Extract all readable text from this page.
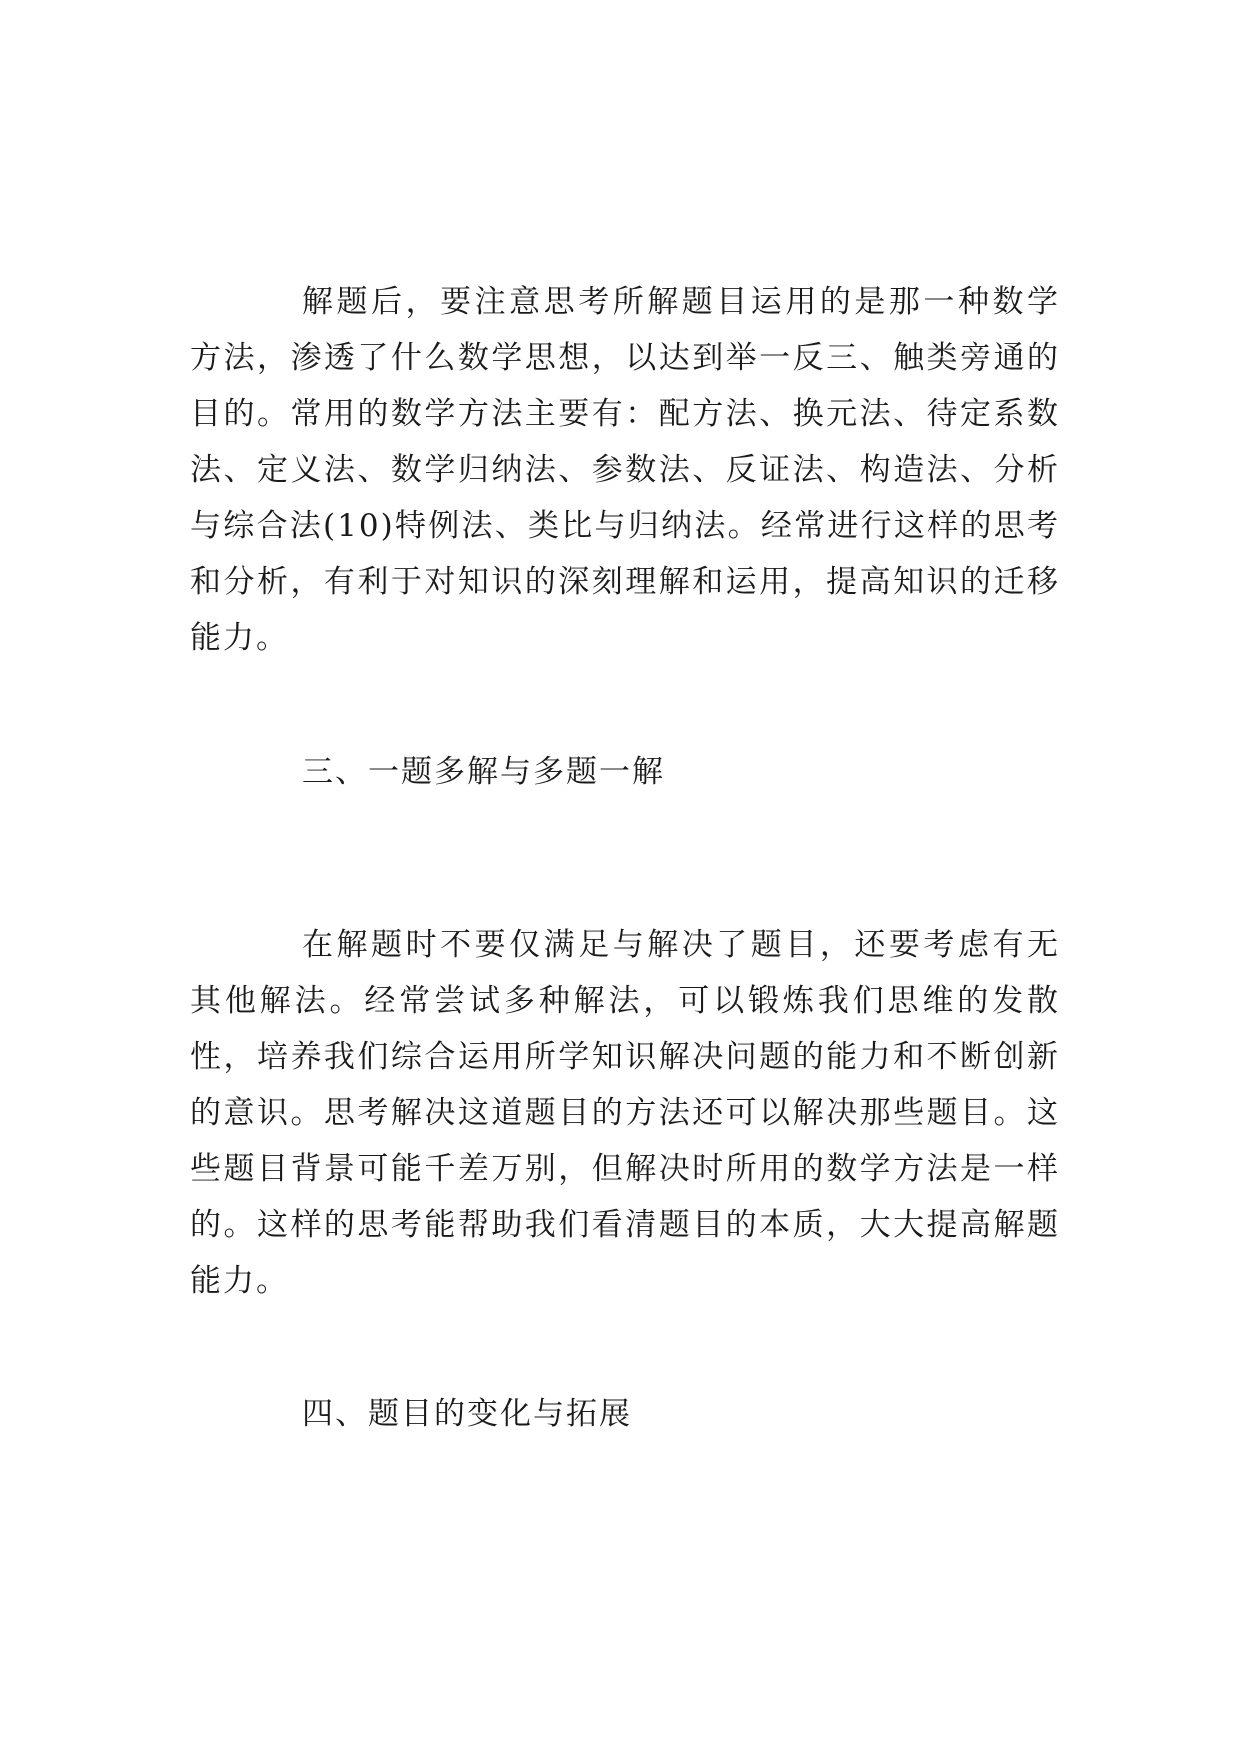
解题后，要注意思考所解题目运用的是那一种数学方法，渗透了什么数学思想，以达到举一反三、触类旁通的目的。常用的数学方法主要有：配方法、换元法、待定系数法、定义法、数学归纳法、参数法、反证法、构造法、分析与综合法(10)特例法、类比与归纳法。经常进行这样的思考和分析，有利于对知识的深刻理解和运用，提高知识的迁移能力。

三、一题多解与多题一解

在解题时不要仅满足与解决了题目，还要考虑有无其他解法。经常尝试多种解法，可以锻炼我们思维的发散性，培养我们综合运用所学知识解决问题的能力和不断创新的意识。思考解决这道题目的方法还可以解决那些题目。这些题目背景可能千差万别，但解决时所用的数学方法是一样的。这样的思考能帮助我们看清题目的本质，大大提高解题能力。

四、题目的变化与拓展
